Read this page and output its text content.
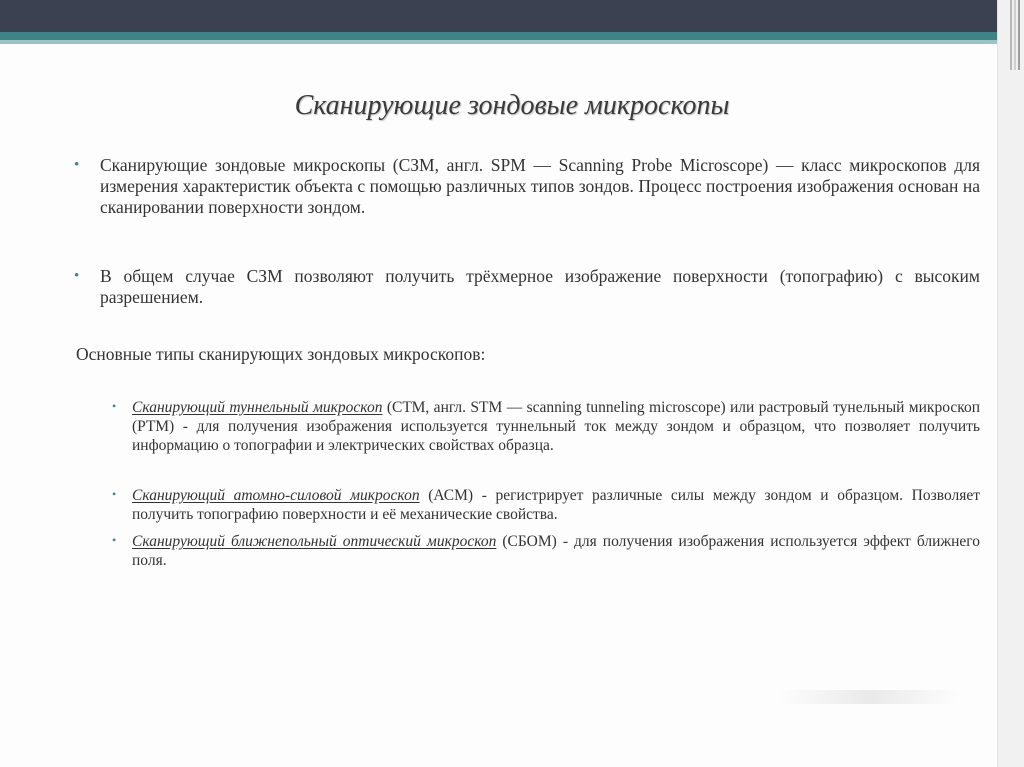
Сканирующие зондовые микроскопы
• Сканирующие зондовые микроскопы (СЗМ, англ. SPM — Scanning Probe Microscope) — класс микроскопов для измерения характеристик объекта с помощью различных типов зондов. Процесс построения изображения основан на сканировании поверхности зондом.
• В общем случае СЗМ позволяют получить трёхмерное изображение поверхности (топографию) с высоким разрешением.

Основные типы сканирующих зондовых микроскопов:

• Сканирующий туннельный микроскоп (СТМ, англ. STM — scanning tunneling microscope) или растровый тунельный микроскоп (РТМ) - для получения изображения используется туннельный ток между зондом и образцом, что позволяет получить информацию о топографии и электрических свойствах образца.
• Сканирующий атомно-силовой микроскоп (АСМ) - регистрирует различные силы между зондом и образцом. Позволяет получить топографию поверхности и её механические свойства.
• Сканирующий ближнепольный оптический микроскоп (СБОМ) - для получения изображения используется эффект ближнего поля.
